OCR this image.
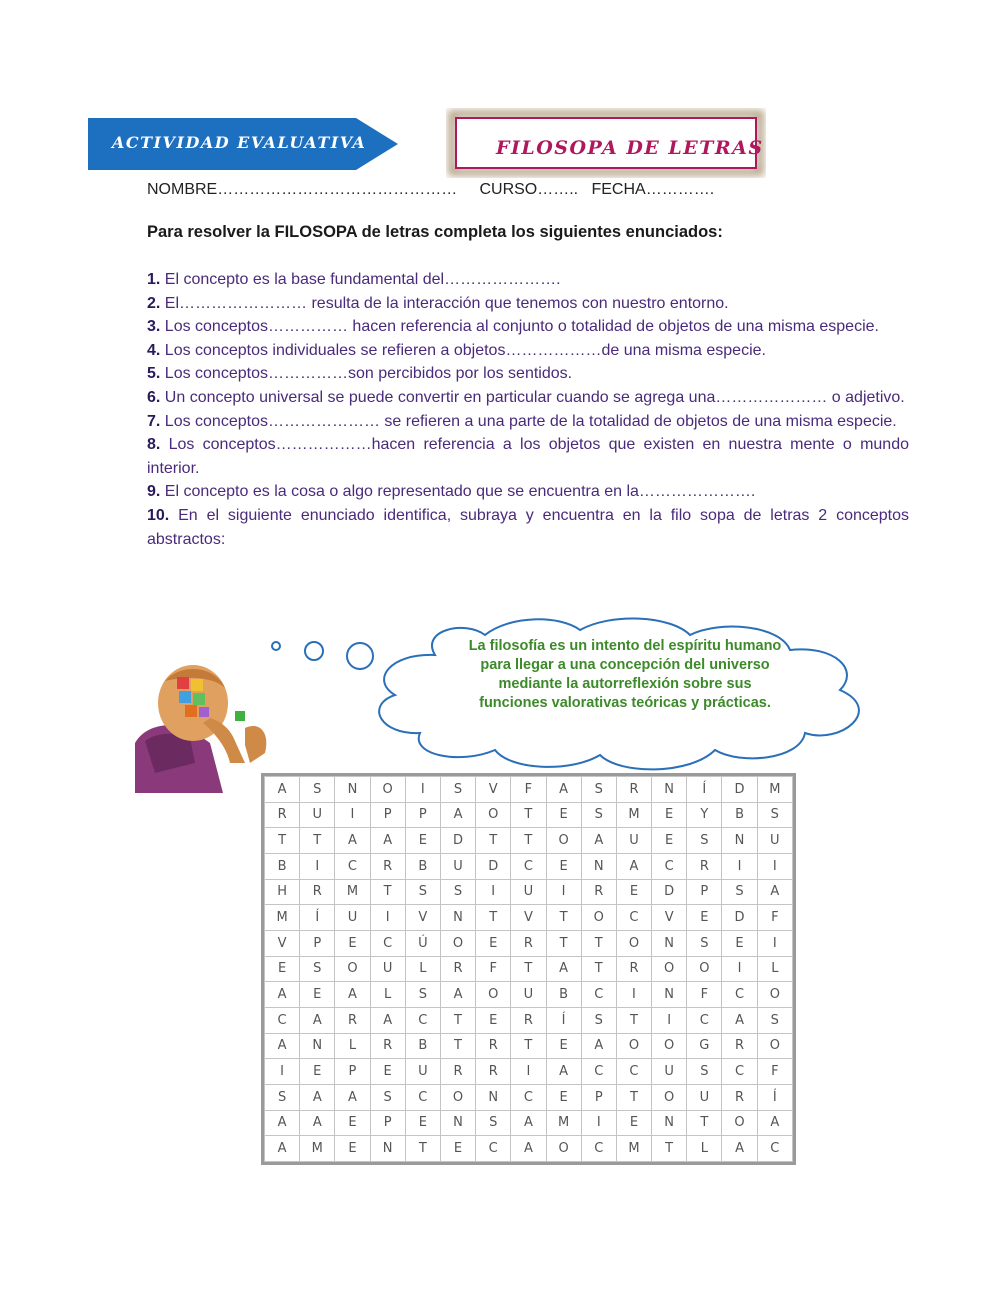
ACTIVIDAD EVALUATIVA	FILOSOPA DE LETRAS
NOMBRE………………………………………     CURSO……..   FECHA………….
Para resolver la FILOSOPA de letras completa los siguientes enunciados:

1. El concepto es la base fundamental del………………….

2. El…………………… resulta de la interacción que tenemos con nuestro entorno.

3. Los conceptos…………… hacen referencia al conjunto o totalidad de objetos de una misma especie.

4. Los conceptos individuales se refieren a objetos………………de una misma especie.

5. Los conceptos……………son percibidos por los sentidos.

6. Un concepto universal se puede convertir en particular cuando se agrega una………………… o adjetivo.

7. Los conceptos………………… se refieren a una parte de la totalidad de objetos de una misma especie.

8. Los conceptos………………hacen referencia a los objetos que existen en nuestra mente o mundo interior.

9. El concepto es la cosa o algo representado que se encuentra en la………………….

10. En el siguiente enunciado identifica, subraya y encuentra en la filo sopa de letras 2 conceptos abstractos:

La filosofía es un intento del espíritu humano para llegar a una concepción del universo mediante la autorreflexión sobre sus funciones valorativas teóricas y prácticas.
A	S	N	O	I	S	V	F	A	S	R	N	Í	D	M
R	U	I	P	P	A	O	T	E	S	M	E	Y	B	S
T	T	A	A	E	D	T	T	O	A	U	E	S	N	U
B	I	C	R	B	U	D	C	E	N	A	C	R	I	I
H	R	M	T	S	S	I	U	I	R	E	D	P	S	A
M	Í	U	I	V	N	T	V	T	O	C	V	E	D	F
V	P	E	C	Ú	O	E	R	T	T	O	N	S	E	I
E	S	O	U	L	R	F	T	A	T	R	O	O	I	L
A	E	A	L	S	A	O	U	B	C	I	N	F	C	O
C	A	R	A	C	T	E	R	Í	S	T	I	C	A	S
A	N	L	R	B	T	R	T	E	A	O	O	G	R	O
I	E	P	E	U	R	R	I	A	C	C	U	S	C	F
S	A	A	S	C	O	N	C	E	P	T	O	U	R	Í
A	A	E	P	E	N	S	A	M	I	E	N	T	O	A
A	M	E	N	T	E	C	A	O	C	M	T	L	A	C
